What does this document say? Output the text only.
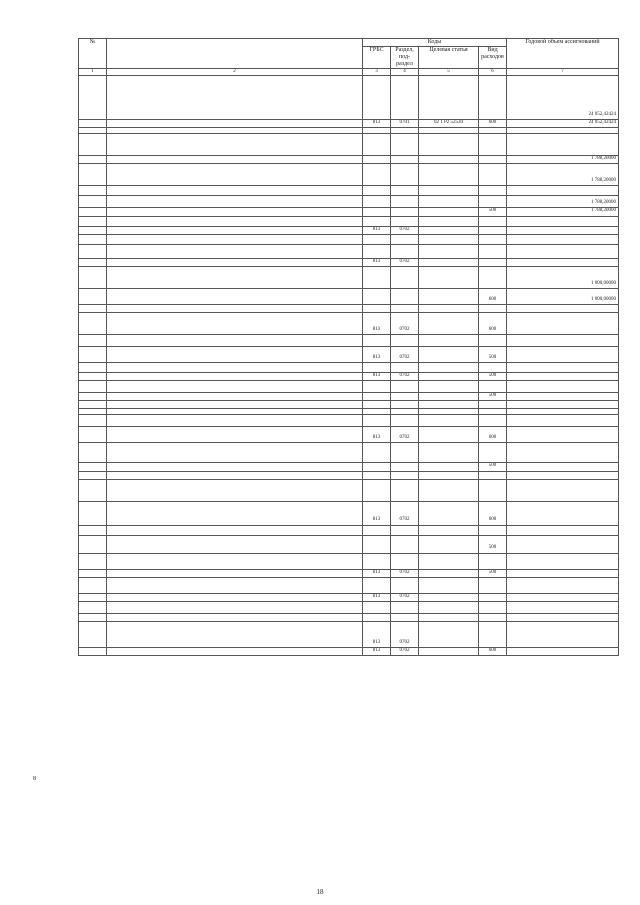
№		Коды				Годовой объем ассигнований
		ГРБС	Раздел, под- раздел	Целевая статья	Вид расходов	
1	2	3	4	5	6	7
						24 052,42424
		813	0701	02 1 P2 52530	600	24 052,42424

						1 788,20000
						1 788,20000

						1 788,20000
					500	1 788,20000

		813	0702			

		813	0702			
						1 000,00000
					600	1 000,00000

		813	0702		600	

		813	0702		500	

		813	0702		500	

					500	

		813	0702		600	

					500	

		813	0702		600	

					500	

		813	0702		500	

		813	0702			

		813	0702			
		813	0702		600	
8
18
